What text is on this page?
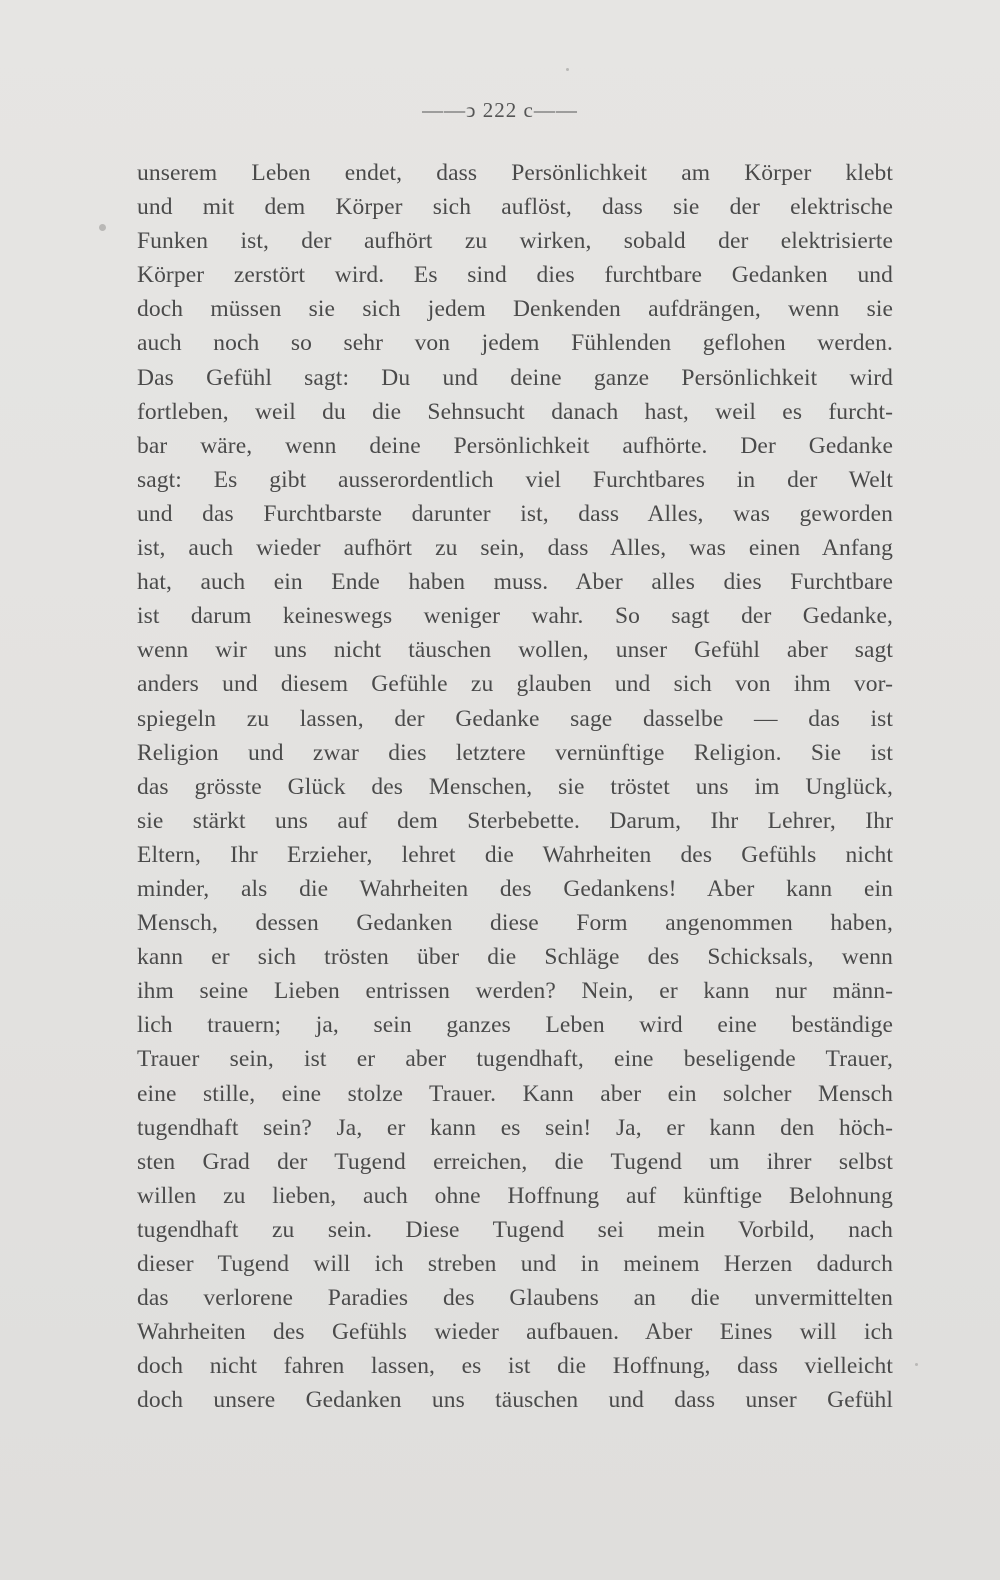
——ↄ 222 c——
unserem Leben endet, dass Persönlichkeit am Körper klebt
und mit dem Körper sich auflöst, dass sie der elektrische
Funken ist, der aufhört zu wirken, sobald der elektrisierte
Körper zerstört wird. Es sind dies furchtbare Gedanken und
doch müssen sie sich jedem Denkenden aufdrängen, wenn sie
auch noch so sehr von jedem Fühlenden geflohen werden.
Das Gefühl sagt: Du und deine ganze Persönlichkeit wird
fortleben, weil du die Sehnsucht danach hast, weil es furcht-
bar wäre, wenn deine Persönlichkeit aufhörte. Der Gedanke
sagt: Es gibt ausserordentlich viel Furchtbares in der Welt
und das Furchtbarste darunter ist, dass Alles, was geworden
ist, auch wieder aufhört zu sein, dass Alles, was einen Anfang
hat, auch ein Ende haben muss. Aber alles dies Furchtbare
ist darum keineswegs weniger wahr. So sagt der Gedanke,
wenn wir uns nicht täuschen wollen, unser Gefühl aber sagt
anders und diesem Gefühle zu glauben und sich von ihm vor-
spiegeln zu lassen, der Gedanke sage dasselbe — das ist
Religion und zwar dies letztere vernünftige Religion. Sie ist
das grösste Glück des Menschen, sie tröstet uns im Unglück,
sie stärkt uns auf dem Sterbebette. Darum, Ihr Lehrer, Ihr
Eltern, Ihr Erzieher, lehret die Wahrheiten des Gefühls nicht
minder, als die Wahrheiten des Gedankens! Aber kann ein
Mensch, dessen Gedanken diese Form angenommen haben,
kann er sich trösten über die Schläge des Schicksals, wenn
ihm seine Lieben entrissen werden? Nein, er kann nur männ-
lich trauern; ja, sein ganzes Leben wird eine beständige
Trauer sein, ist er aber tugendhaft, eine beseligende Trauer,
eine stille, eine stolze Trauer. Kann aber ein solcher Mensch
tugendhaft sein? Ja, er kann es sein! Ja, er kann den höch-
sten Grad der Tugend erreichen, die Tugend um ihrer selbst
willen zu lieben, auch ohne Hoffnung auf künftige Belohnung
tugendhaft zu sein. Diese Tugend sei mein Vorbild, nach
dieser Tugend will ich streben und in meinem Herzen dadurch
das verlorene Paradies des Glaubens an die unvermittelten
Wahrheiten des Gefühls wieder aufbauen. Aber Eines will ich
doch nicht fahren lassen, es ist die Hoffnung, dass vielleicht
doch unsere Gedanken uns täuschen und dass unser Gefühl
